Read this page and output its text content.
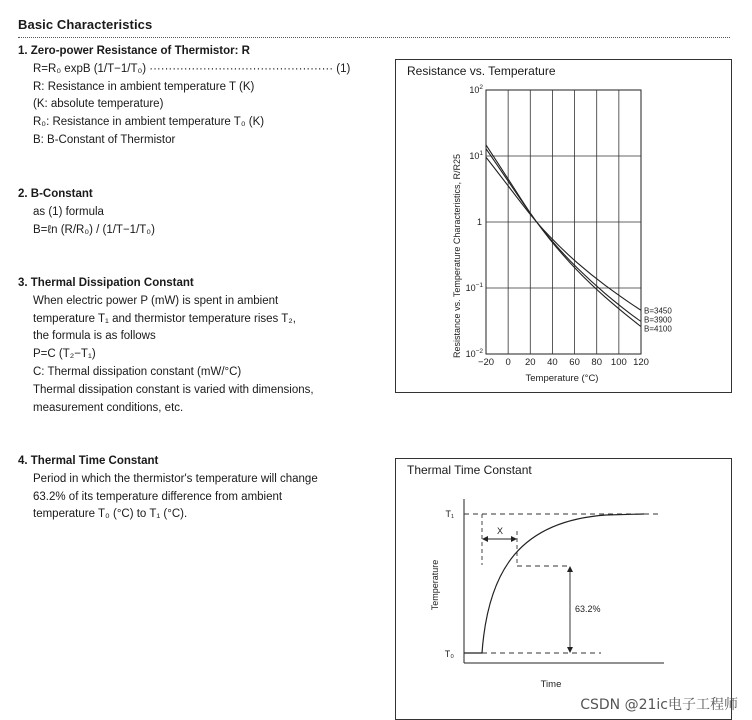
Basic Characteristics
1. Zero-power Resistance of Thermistor: R
R=R₀ expB (1/T−1/T₀) ················································ (1)
R: Resistance in ambient temperature T (K)
(K: absolute temperature)
R₀: Resistance in ambient temperature T₀ (K)
B: B-Constant of Thermistor
2. B-Constant
as (1) formula
B=ℓn (R/R₀) / (1/T−1/T₀)
3. Thermal Dissipation Constant
When electric power P (mW) is spent in ambient
temperature T₁ and thermistor temperature rises T₂,
the formula is as follows
P=C (T₂−T₁)
C: Thermal dissipation constant (mW/°C)
Thermal dissipation constant is varied with dimensions,
measurement conditions, etc.
4. Thermal Time Constant
Period in which the thermistor's temperature will change
63.2% of its temperature difference from ambient
temperature T₀ (°C) to T₁ (°C).
Resistance vs. Temperature
−20 0 20 40 60 80 100 120
$10^{-2}$
$10^{-1}$
1
$10^1$
$10^2$
B=3450
B=3900
B=4100
Resistance vs. Temperature Characteristics, R/R25
Temperature (°C)
Thermal Time Constant
T₁
T₀
X
63.2%
Temperature
Time
CSDN @21ic电子工程师
